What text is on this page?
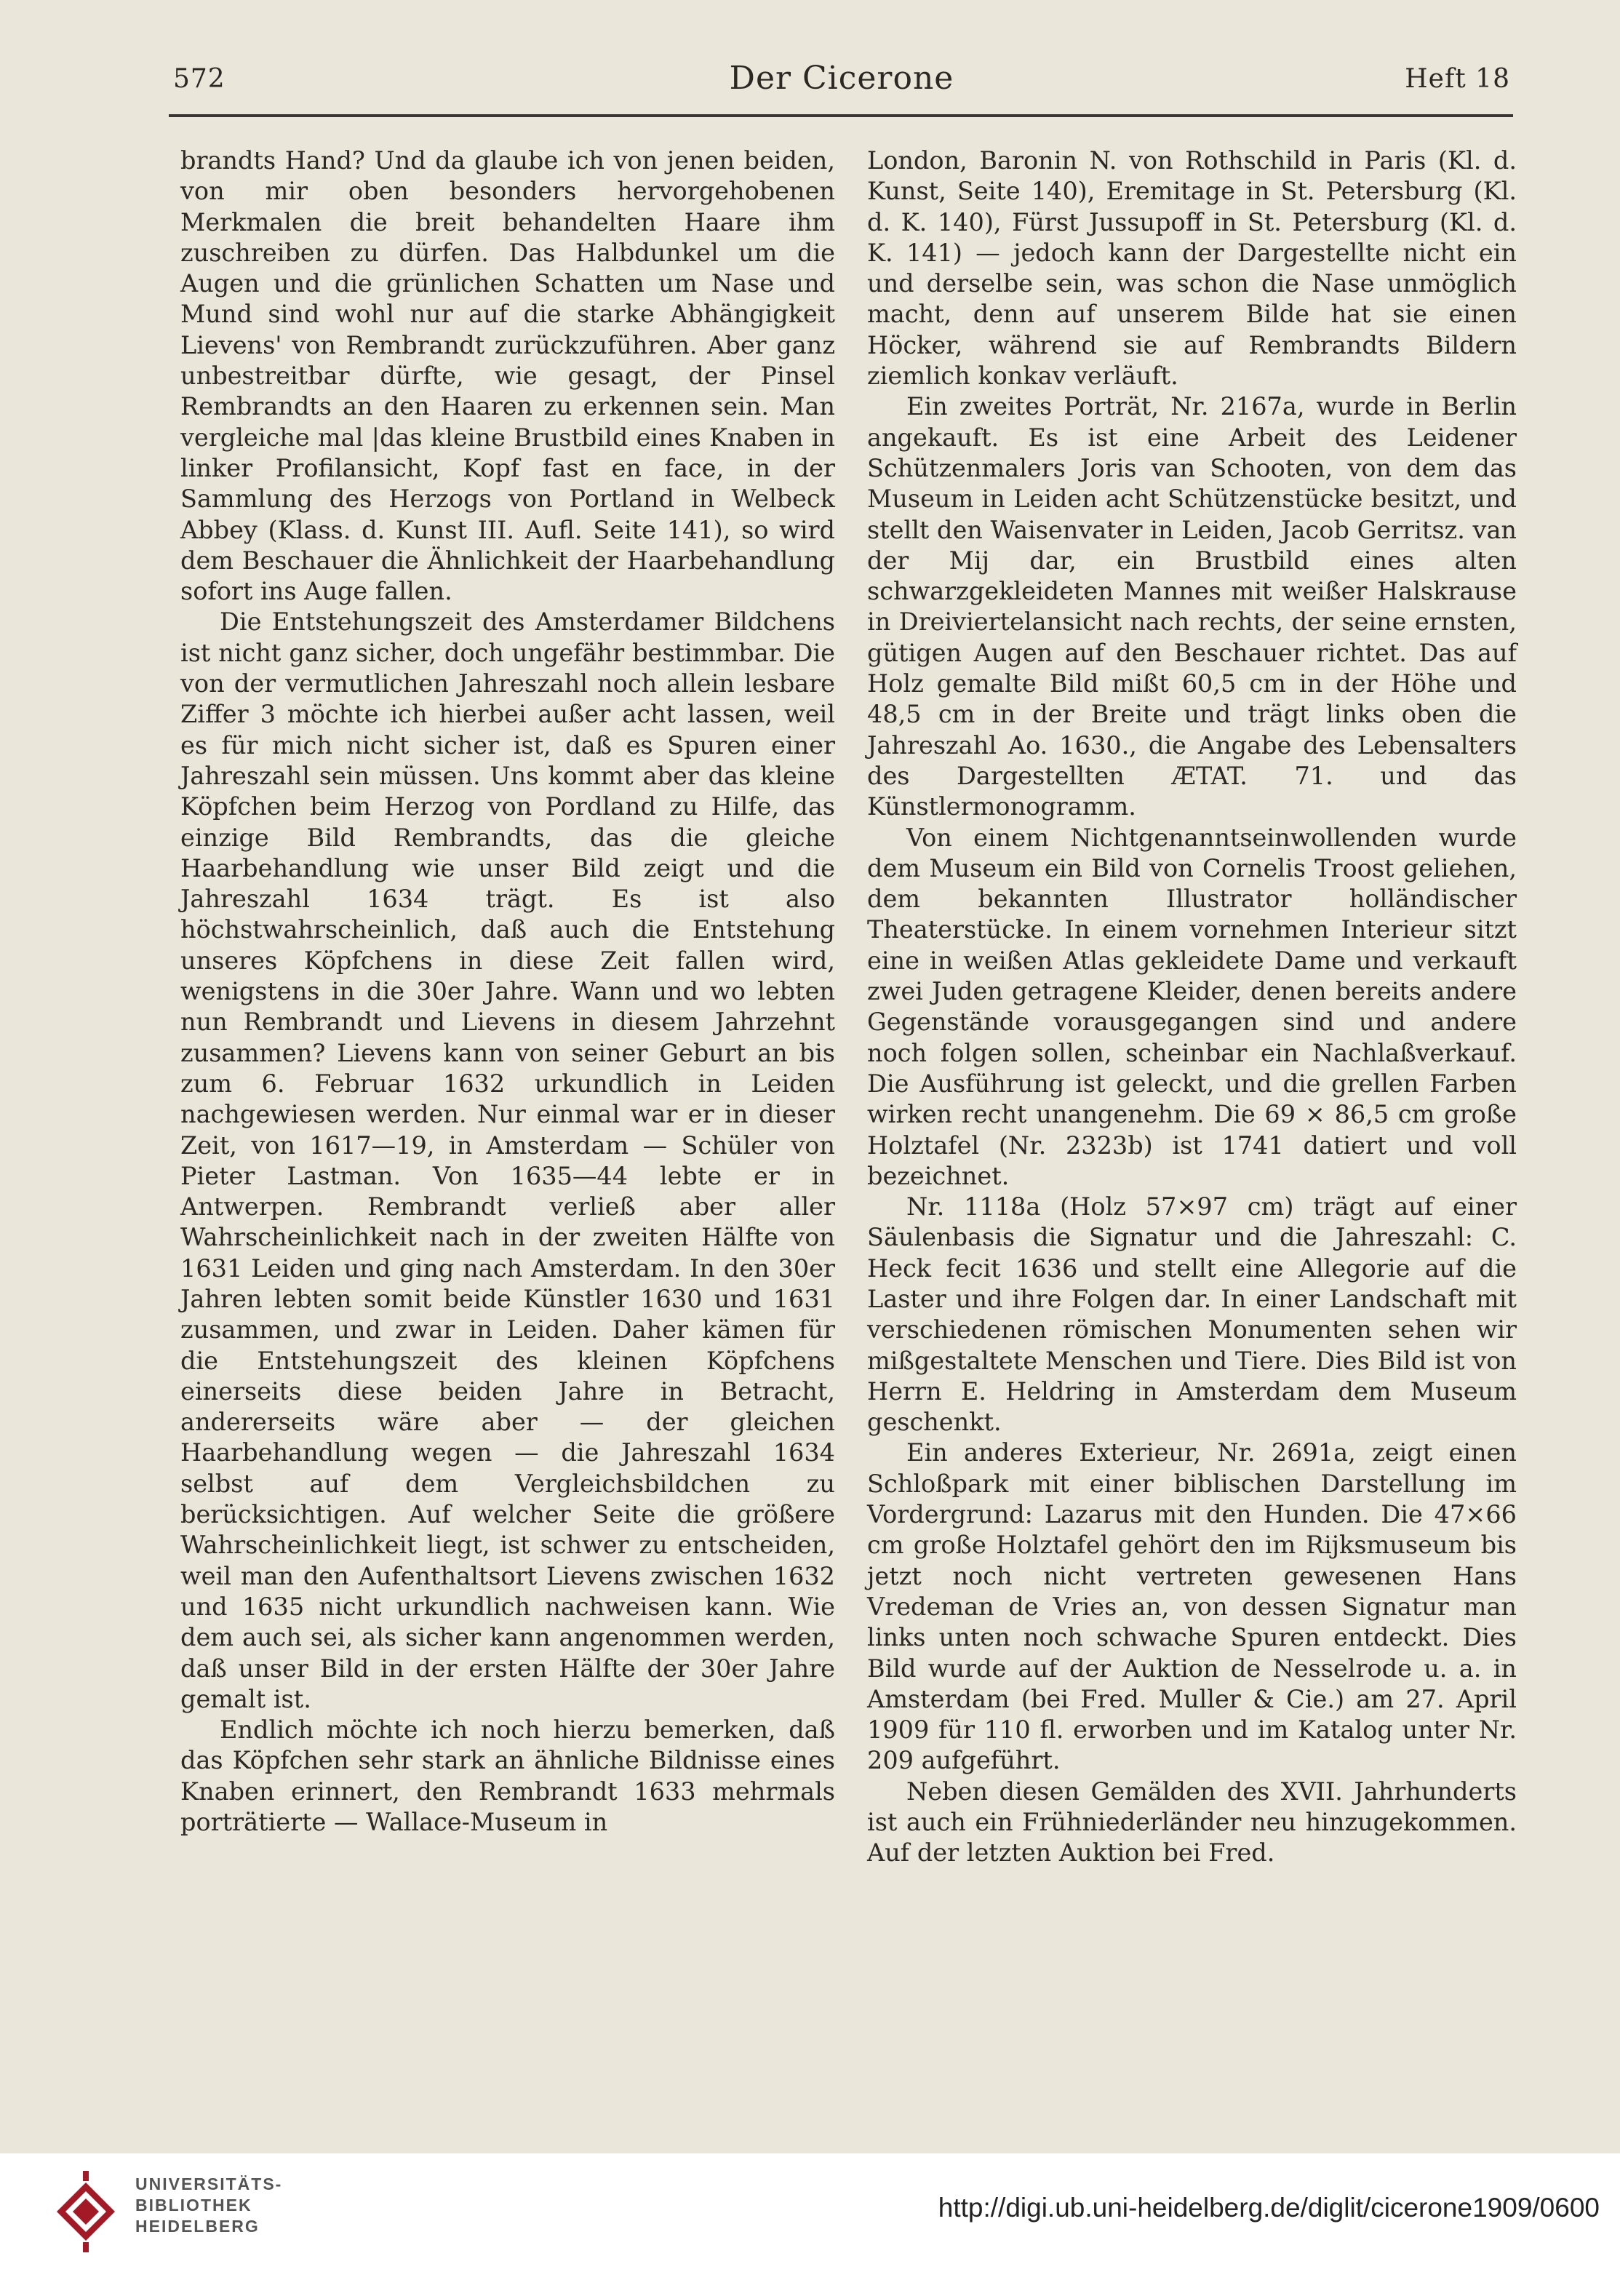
572	Der Cicerone	Heft 18

brandts Hand? Und da glaube ich von jenen beiden, von mir oben besonders hervorgehobenen Merkmalen die breit behandelten Haare ihm zuschreiben zu dürfen. Das Halbdunkel um die Augen und die grünlichen Schatten um Nase und Mund sind wohl nur auf die starke Abhängigkeit Lievens' von Rembrandt zurückzuführen. Aber ganz unbestreitbar dürfte, wie gesagt, der Pinsel Rembrandts an den Haaren zu erkennen sein. Man vergleiche mal |das kleine Brustbild eines Knaben in linker Profilansicht, Kopf fast en face, in der Sammlung des Herzogs von Portland in Welbeck Abbey (Klass. d. Kunst III. Aufl. Seite 141), so wird dem Beschauer die Ähnlichkeit der Haarbehandlung sofort ins Auge fallen.

Die Entstehungszeit des Amsterdamer Bildchens ist nicht ganz sicher, doch ungefähr bestimmbar. Die von der vermutlichen Jahreszahl noch allein lesbare Ziffer 3 möchte ich hierbei außer acht lassen, weil es für mich nicht sicher ist, daß es Spuren einer Jahreszahl sein müssen. Uns kommt aber das kleine Köpfchen beim Herzog von Pordland zu Hilfe, das einzige Bild Rembrandts, das die gleiche Haarbehandlung wie unser Bild zeigt und die Jahreszahl 1634 trägt. Es ist also höchstwahrscheinlich, daß auch die Entstehung unseres Köpfchens in diese Zeit fallen wird, wenigstens in die 30er Jahre. Wann und wo lebten nun Rembrandt und Lievens in diesem Jahrzehnt zusammen? Lievens kann von seiner Geburt an bis zum 6. Februar 1632 urkundlich in Leiden nachgewiesen werden. Nur einmal war er in dieser Zeit, von 1617—19, in Amsterdam — Schüler von Pieter Lastman. Von 1635—44 lebte er in Antwerpen. Rembrandt verließ aber aller Wahrscheinlichkeit nach in der zweiten Hälfte von 1631 Leiden und ging nach Amsterdam. In den 30er Jahren lebten somit beide Künstler 1630 und 1631 zusammen, und zwar in Leiden. Daher kämen für die Entstehungszeit des kleinen Köpfchens einerseits diese beiden Jahre in Betracht, andererseits wäre aber — der gleichen Haarbehandlung wegen — die Jahreszahl 1634 selbst auf dem Vergleichsbildchen zu berücksichtigen. Auf welcher Seite die größere Wahrscheinlichkeit liegt, ist schwer zu entscheiden, weil man den Aufenthaltsort Lievens zwischen 1632 und 1635 nicht urkundlich nachweisen kann. Wie dem auch sei, als sicher kann angenommen werden, daß unser Bild in der ersten Hälfte der 30er Jahre gemalt ist.

Endlich möchte ich noch hierzu bemerken, daß das Köpfchen sehr stark an ähnliche Bildnisse eines Knaben erinnert, den Rembrandt 1633 mehrmals porträtierte — Wallace-Museum in

London, Baronin N. von Rothschild in Paris (Kl. d. Kunst, Seite 140), Eremitage in St. Petersburg (Kl. d. K. 140), Fürst Jussupoff in St. Petersburg (Kl. d. K. 141) — jedoch kann der Dargestellte nicht ein und derselbe sein, was schon die Nase unmöglich macht, denn auf unserem Bilde hat sie einen Höcker, während sie auf Rembrandts Bildern ziemlich konkav verläuft.

Ein zweites Porträt, Nr. 2167a, wurde in Berlin angekauft. Es ist eine Arbeit des Leidener Schützenmalers Joris van Schooten, von dem das Museum in Leiden acht Schützenstücke besitzt, und stellt den Waisenvater in Leiden, Jacob Gerritsz. van der Mij dar, ein Brustbild eines alten schwarzgekleideten Mannes mit weißer Halskrause in Dreiviertelansicht nach rechts, der seine ernsten, gütigen Augen auf den Beschauer richtet. Das auf Holz gemalte Bild mißt 60,5 cm in der Höhe und 48,5 cm in der Breite und trägt links oben die Jahreszahl Ao. 1630., die Angabe des Lebensalters des Dargestellten ÆTAT. 71. und das Künstlermonogramm.

Von einem Nichtgenanntseinwollenden wurde dem Museum ein Bild von Cornelis Troost geliehen, dem bekannten Illustrator holländischer Theaterstücke. In einem vornehmen Interieur sitzt eine in weißen Atlas gekleidete Dame und verkauft zwei Juden getragene Kleider, denen bereits andere Gegenstände vorausgegangen sind und andere noch folgen sollen, scheinbar ein Nachlaßverkauf. Die Ausführung ist geleckt, und die grellen Farben wirken recht unangenehm. Die 69 × 86,5 cm große Holztafel (Nr. 2323b) ist 1741 datiert und voll bezeichnet.

Nr. 1118a (Holz 57×97 cm) trägt auf einer Säulenbasis die Signatur und die Jahreszahl: C. Heck fecit 1636 und stellt eine Allegorie auf die Laster und ihre Folgen dar. In einer Landschaft mit verschiedenen römischen Monumenten sehen wir mißgestaltete Menschen und Tiere. Dies Bild ist von Herrn E. Heldring in Amsterdam dem Museum geschenkt.

Ein anderes Exterieur, Nr. 2691a, zeigt einen Schloßpark mit einer biblischen Darstellung im Vordergrund: Lazarus mit den Hunden. Die 47×66 cm große Holztafel gehört den im Rijksmuseum bis jetzt noch nicht vertreten gewesenen Hans Vredeman de Vries an, von dessen Signatur man links unten noch schwache Spuren entdeckt. Dies Bild wurde auf der Auktion de Nesselrode u. a. in Amsterdam (bei Fred. Muller & Cie.) am 27. April 1909 für 110 fl. erworben und im Katalog unter Nr. 209 aufgeführt.

Neben diesen Gemälden des XVII. Jahrhunderts ist auch ein Frühniederländer neu hinzugekommen. Auf der letzten Auktion bei Fred.

UNIVERSITÄTS-
BIBLIOTHEK
HEIDELBERG
http://digi.ub.uni-heidelberg.de/diglit/cicerone1909/0600
